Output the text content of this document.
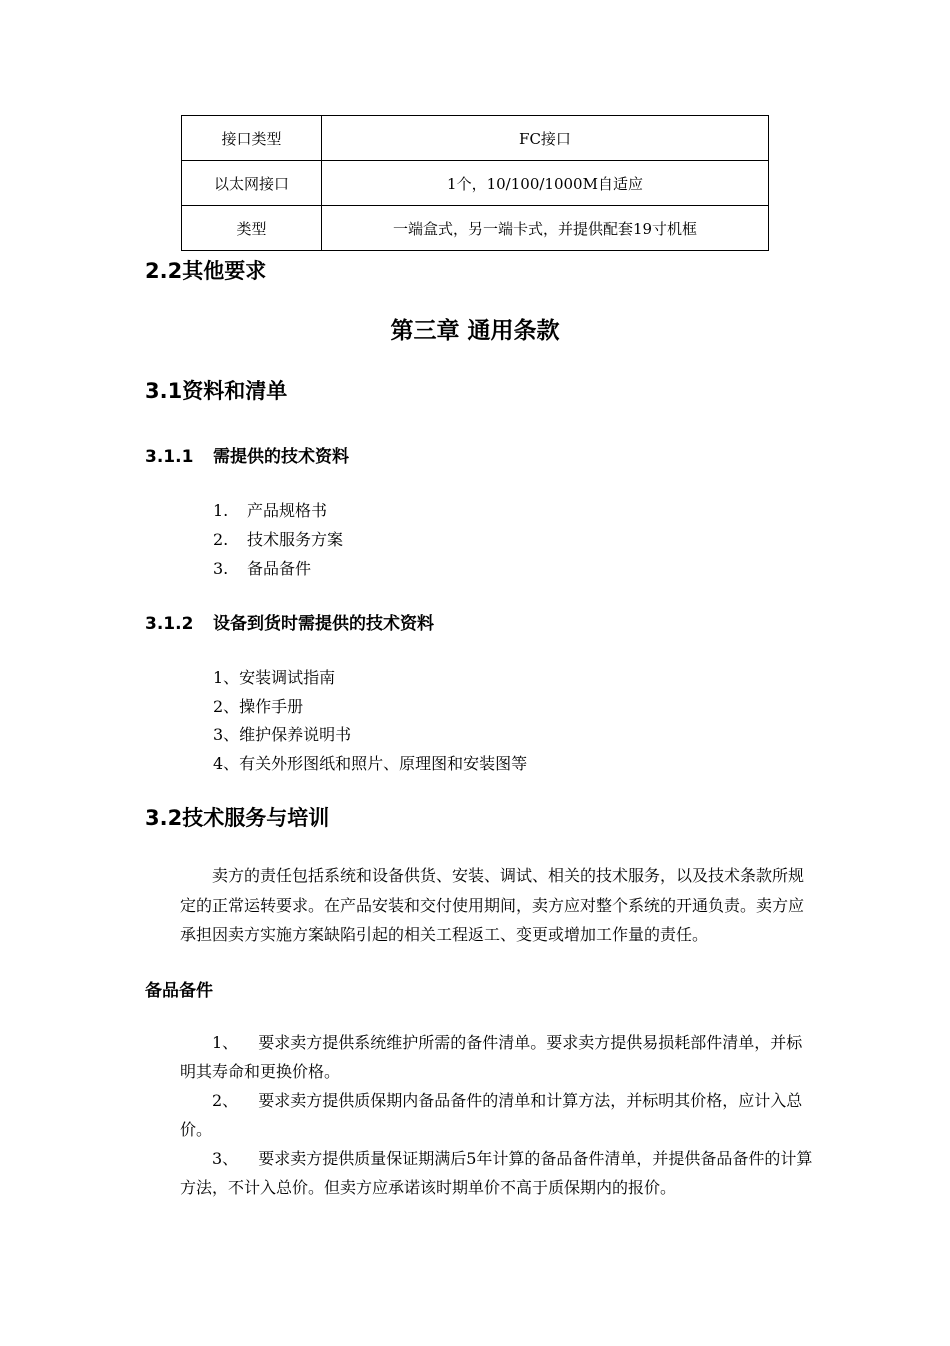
接口类型	FC接口
以太网接口	1个，10/100/1000M自适应
类型	一端盒式，另一端卡式，并提供配套19寸机框
2.2其他要求
第三章 通用条款
3.1资料和清单
3.1.1 需提供的技术资料
1. 产品规格书
2. 技术服务方案
3. 备品备件
3.1.2 设备到货时需提供的技术资料
1、安装调试指南
2、操作手册
3、维护保养说明书
4、有关外形图纸和照片、原理图和安装图等
3.2技术服务与培训

卖方的责任包括系统和设备供货、安装、调试、相关的技术服务，以及技术条款所规定的正常运转要求。在产品安装和交付使用期间，卖方应对整个系统的开通负责。卖方应承担因卖方实施方案缺陷引起的相关工程返工、变更或增加工作量的责任。

备品备件

1、 要求卖方提供系统维护所需的备件清单。要求卖方提供易损耗部件清单，并标明其寿命和更换价格。

2、 要求卖方提供质保期内备品备件的清单和计算方法，并标明其价格，应计入总价。

3、 要求卖方提供质量保证期满后5年计算的备品备件清单，并提供备品备件的计算方法，不计入总价。但卖方应承诺该时期单价不高于质保期内的报价。
